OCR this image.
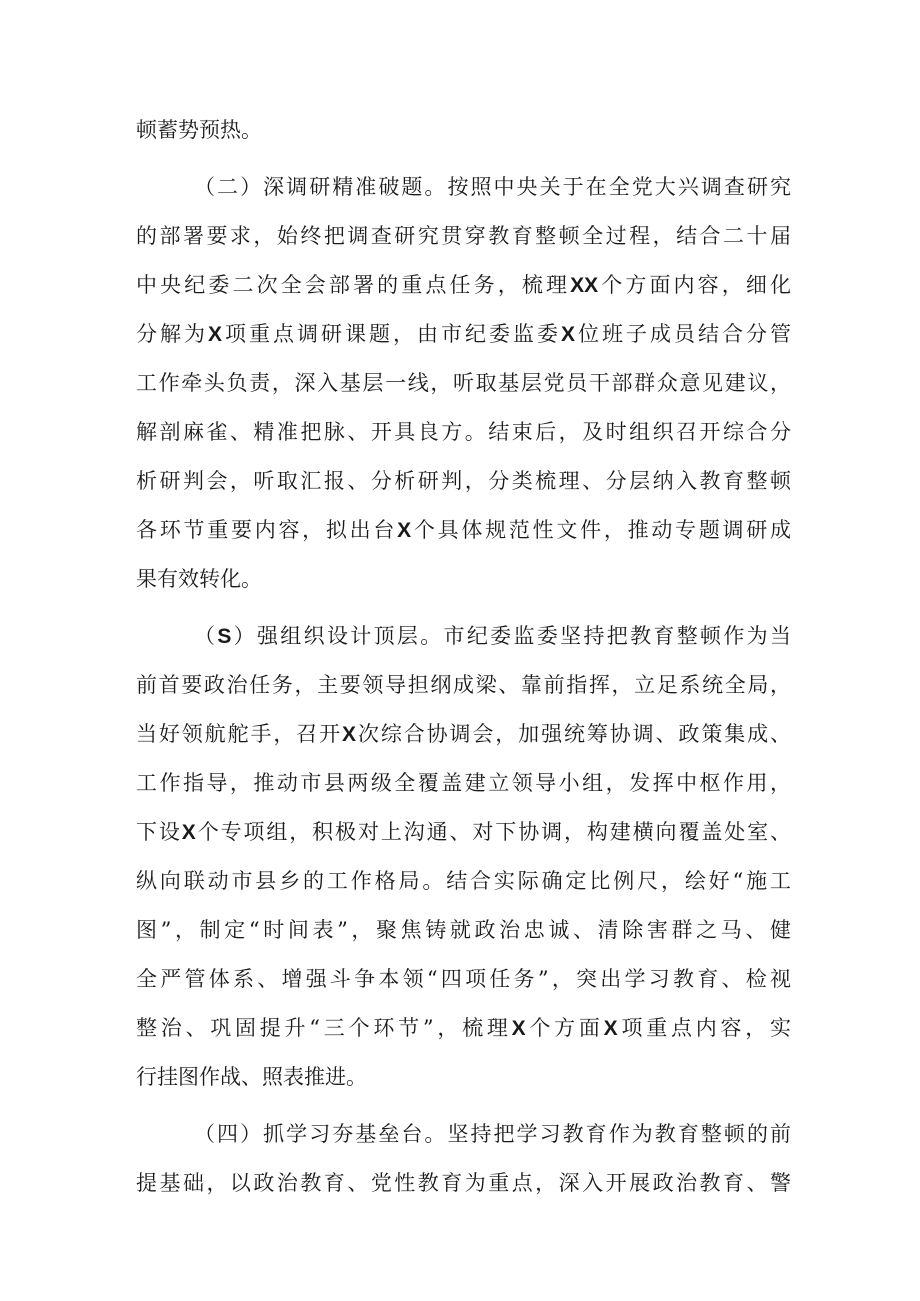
顿蓄势预热。
（二）深调研精准破题。按照中央关于在全党大兴调查研究
的部署要求，始终把调查研究贯穿教育整顿全过程，结合二十届
中央纪委二次全会部署的重点任务，梳理XX个方面内容，细化
分解为X项重点调研课题，由市纪委监委X位班子成员结合分管
工作牵头负责，深入基层一线，听取基层党员干部群众意见建议，
解剖麻雀、精准把脉、开具良方。结束后，及时组织召开综合分
析研判会，听取汇报、分析研判，分类梳理、分层纳入教育整顿
各环节重要内容，拟出台X个具体规范性文件，推动专题调研成
果有效转化。
（S）强组织设计顶层。市纪委监委坚持把教育整顿作为当
前首要政治任务，主要领导担纲成梁、靠前指挥，立足系统全局，
当好领航舵手，召开X次综合协调会，加强统筹协调、政策集成、
工作指导，推动市县两级全覆盖建立领导小组，发挥中枢作用，
下设X个专项组，积极对上沟通、对下协调，构建横向覆盖处室、
纵向联动市县乡的工作格局。结合实际确定比例尺，绘好“施工
图”，制定“时间表”，聚焦铸就政治忠诚、清除害群之马、健
全严管体系、增强斗争本领“四项任务”，突出学习教育、检视
整治、巩固提升“三个环节”，梳理X个方面X项重点内容，实
行挂图作战、照表推进。
（四）抓学习夯基垒台。坚持把学习教育作为教育整顿的前
提基础，以政治教育、党性教育为重点，深入开展政治教育、警
